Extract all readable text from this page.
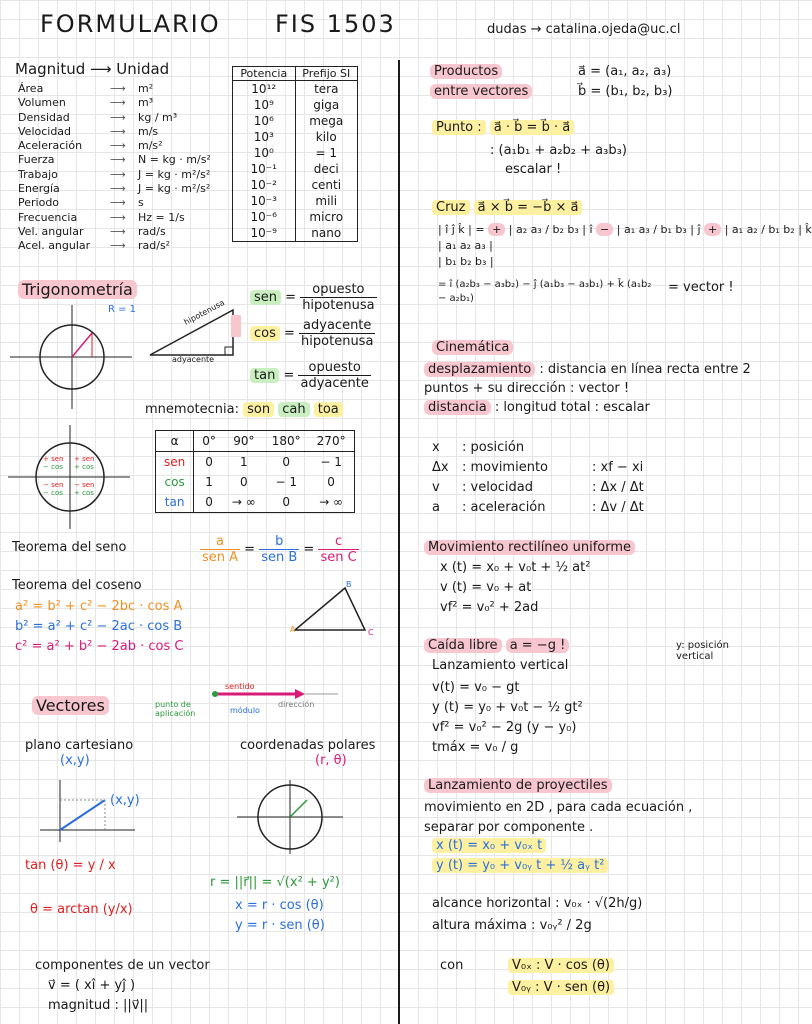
FORMULARIO FIS 1503	dudas → catalina.ojeda@uc.cl
Magnitud ⟶ Unidad
Área	⟶	m²
Volumen	⟶	m³
Densidad	⟶	kg / m³
Velocidad	⟶	m/s
Aceleración	⟶	m/s²
Fuerza	⟶	N = kg · m/s²
Trabajo	⟶	J = kg · m²/s²
Energía	⟶	J = kg · m²/s²
Periodo	⟶	s
Frecuencia	⟶	Hz = 1/s
Vel. angular	⟶	rad/s
Acel. angular	⟶	rad/s²
Potencia	Prefijo SI
10¹²	tera
10⁹	giga
10⁶	mega
10³	kilo
10⁰	= 1
10⁻¹	deci
10⁻²	centi
10⁻³	mili
10⁻⁶	micro
10⁻⁹	nano
Trigonometría
R = 1	hipotenusa
adyacente
sen = $\frac{\text{opuesto}}{\text{hipotenusa}}$
$\cos = \frac{\text{adyacente}}{\text{hipotenusa}}$
$\tan = \frac{\text{opuesto}}{\text{adyacente}}$
mnemotecnia: son cah toa
+ sen
− cos
+ sen
+ cos
− sen
− cos
− sen
+ cos
α	0°	90°	180°	270°
sen	0	1	0	− 1
cos	1	0	− 1	0
tan	0	→ ∞	0	→ ∞
Teorema del seno	$\frac{a}{\text{sen A}} = \frac{b}{\text{sen B}} = \frac{c}{\text{sen C}}$
Teorema del coseno

a² = b² + c² − 2bc · cos A

b² = a² + c² − 2ac · cos B

c² = a² + b² − 2ab · cos C

A
B
C
Vectores
sentido
punto de aplicación	módulo
dirección
plano cartesiano
(x,y)
(x,y)
coordenadas polares
(r, θ)
tan (θ) = y / x
θ = arctan (y/x)
r = ||r⃗|| = √(x² + y²)
x = r · cos (θ)
y = r · sen (θ)
componentes de un vector
v⃗ = ( xî + yĵ )
magnitud : ||v⃗||
Productos
entre vectores
a⃗ = (a₁, a₂, a₃)
b⃗ = (b₁, b₂, b₃)
Punto : a⃗ · b⃗ = b⃗ · a⃗
: (a₁b₁ + a₂b₂ + a₃b₃)
escalar !
Cruz a⃗ × b⃗ = −b⃗ × a⃗
| î ĵ k̂ | = + | a₂ a₃ / b₂ b₃ | î − | a₁ a₃ / b₁ b₃ | ĵ + | a₁ a₂ / b₁ b₂ | k̂
| a₁ a₂ a₃ |
| b₁ b₂ b₃ |
= î (a₂b₃ − a₃b₂) − ĵ (a₁b₃ − a₃b₁) + k̂ (a₁b₂ − a₂b₁)
= vector !
Cinemática
desplazamiento : distancia en línea recta entre 2 puntos + su dirección : vector !
distancia : longitud total : escalar
x	: posición
Δx	: movimiento	: xf − xi
v	: velocidad	: Δx / Δt
a	: aceleración	: Δv / Δt
Movimiento rectilíneo uniforme

x (t) = x₀ + v₀t + ½ at²

v (t) = v₀ + at

vf² = v₀² + 2ad

Caída libre a = −g !	y: posición vertical
Lanzamiento vertical

v(t) = v₀ − gt

y (t) = y₀ + v₀t − ½ gt²

vf² = v₀² − 2g (y − y₀)

tmáx = v₀ / g

Lanzamiento de proyectiles
movimiento en 2D , para cada ecuación , separar por componente .
x (t) = x₀ + v₀ₓ t
y (t) = y₀ + v₀ᵧ t + ½ aᵧ t²
alcance horizontal : v₀ₓ · √(2h/g)
altura máxima : v₀ᵧ² / 2g
con	V₀ₓ : V · cos (θ)
V₀ᵧ : V · sen (θ)
